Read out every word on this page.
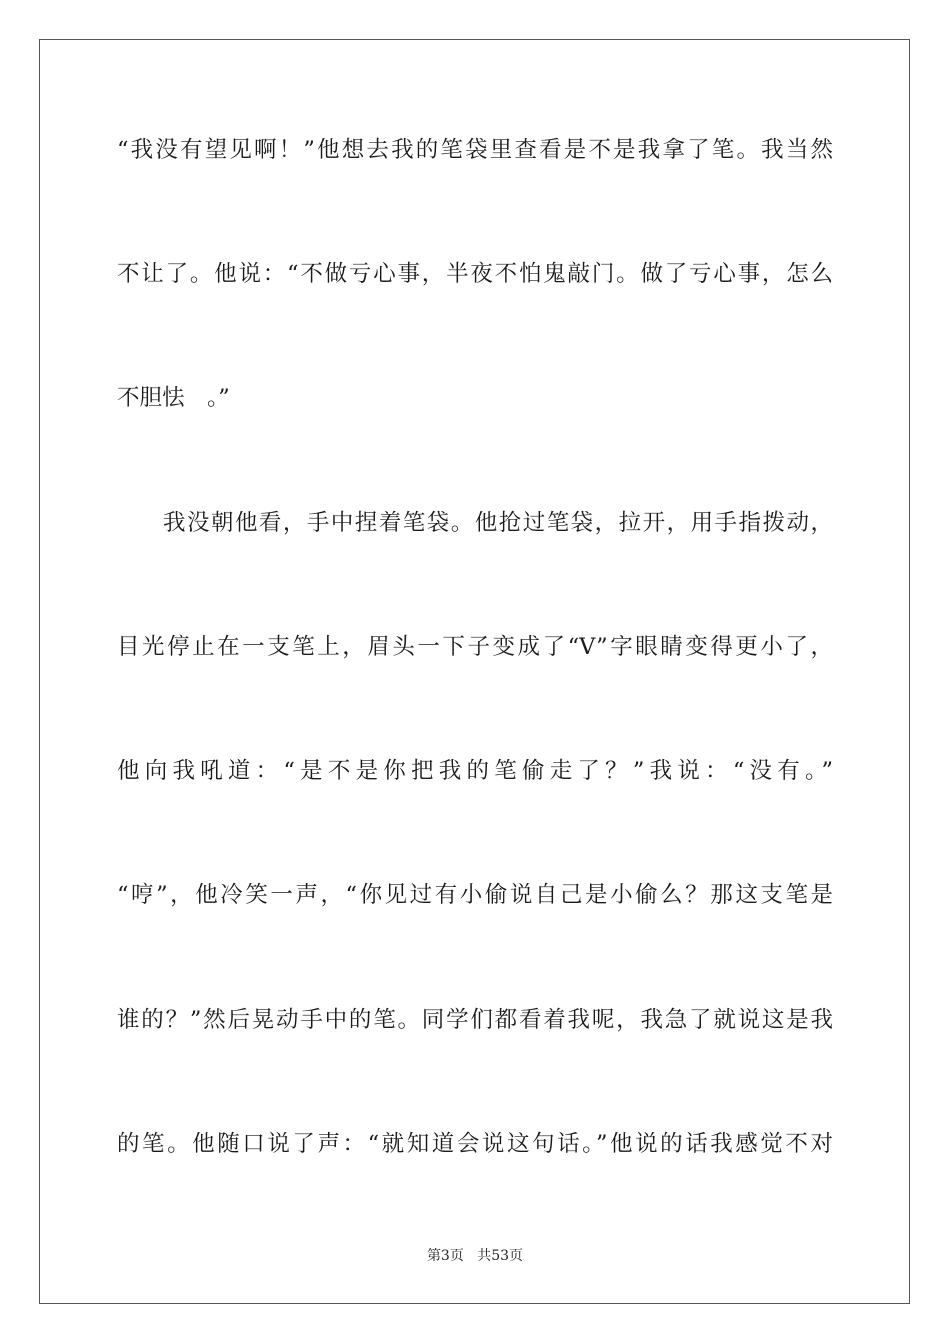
“我没有望见啊！”他想去我的笔袋里查看是不是我拿了笔。我当然
不让了。他说：“不做亏心事，半夜不怕鬼敲门。做了亏心事，怎么
不胆怯　。”
我没朝他看，手中捏着笔袋。他抢过笔袋，拉开，用手指拨动，
目光停止在一支笔上，眉头一下子变成了“V”字眼睛变得更小了，
他向我吼道：“是不是你把我的笔偷走了？”我说：“没有。”
“哼”，他冷笑一声，“你见过有小偷说自己是小偷么？那这支笔是
谁的？”然后晃动手中的笔。同学们都看着我呢，我急了就说这是我
的笔。他随口说了声：“就知道会说这句话。”他说的话我感觉不对
第3页 共53页
